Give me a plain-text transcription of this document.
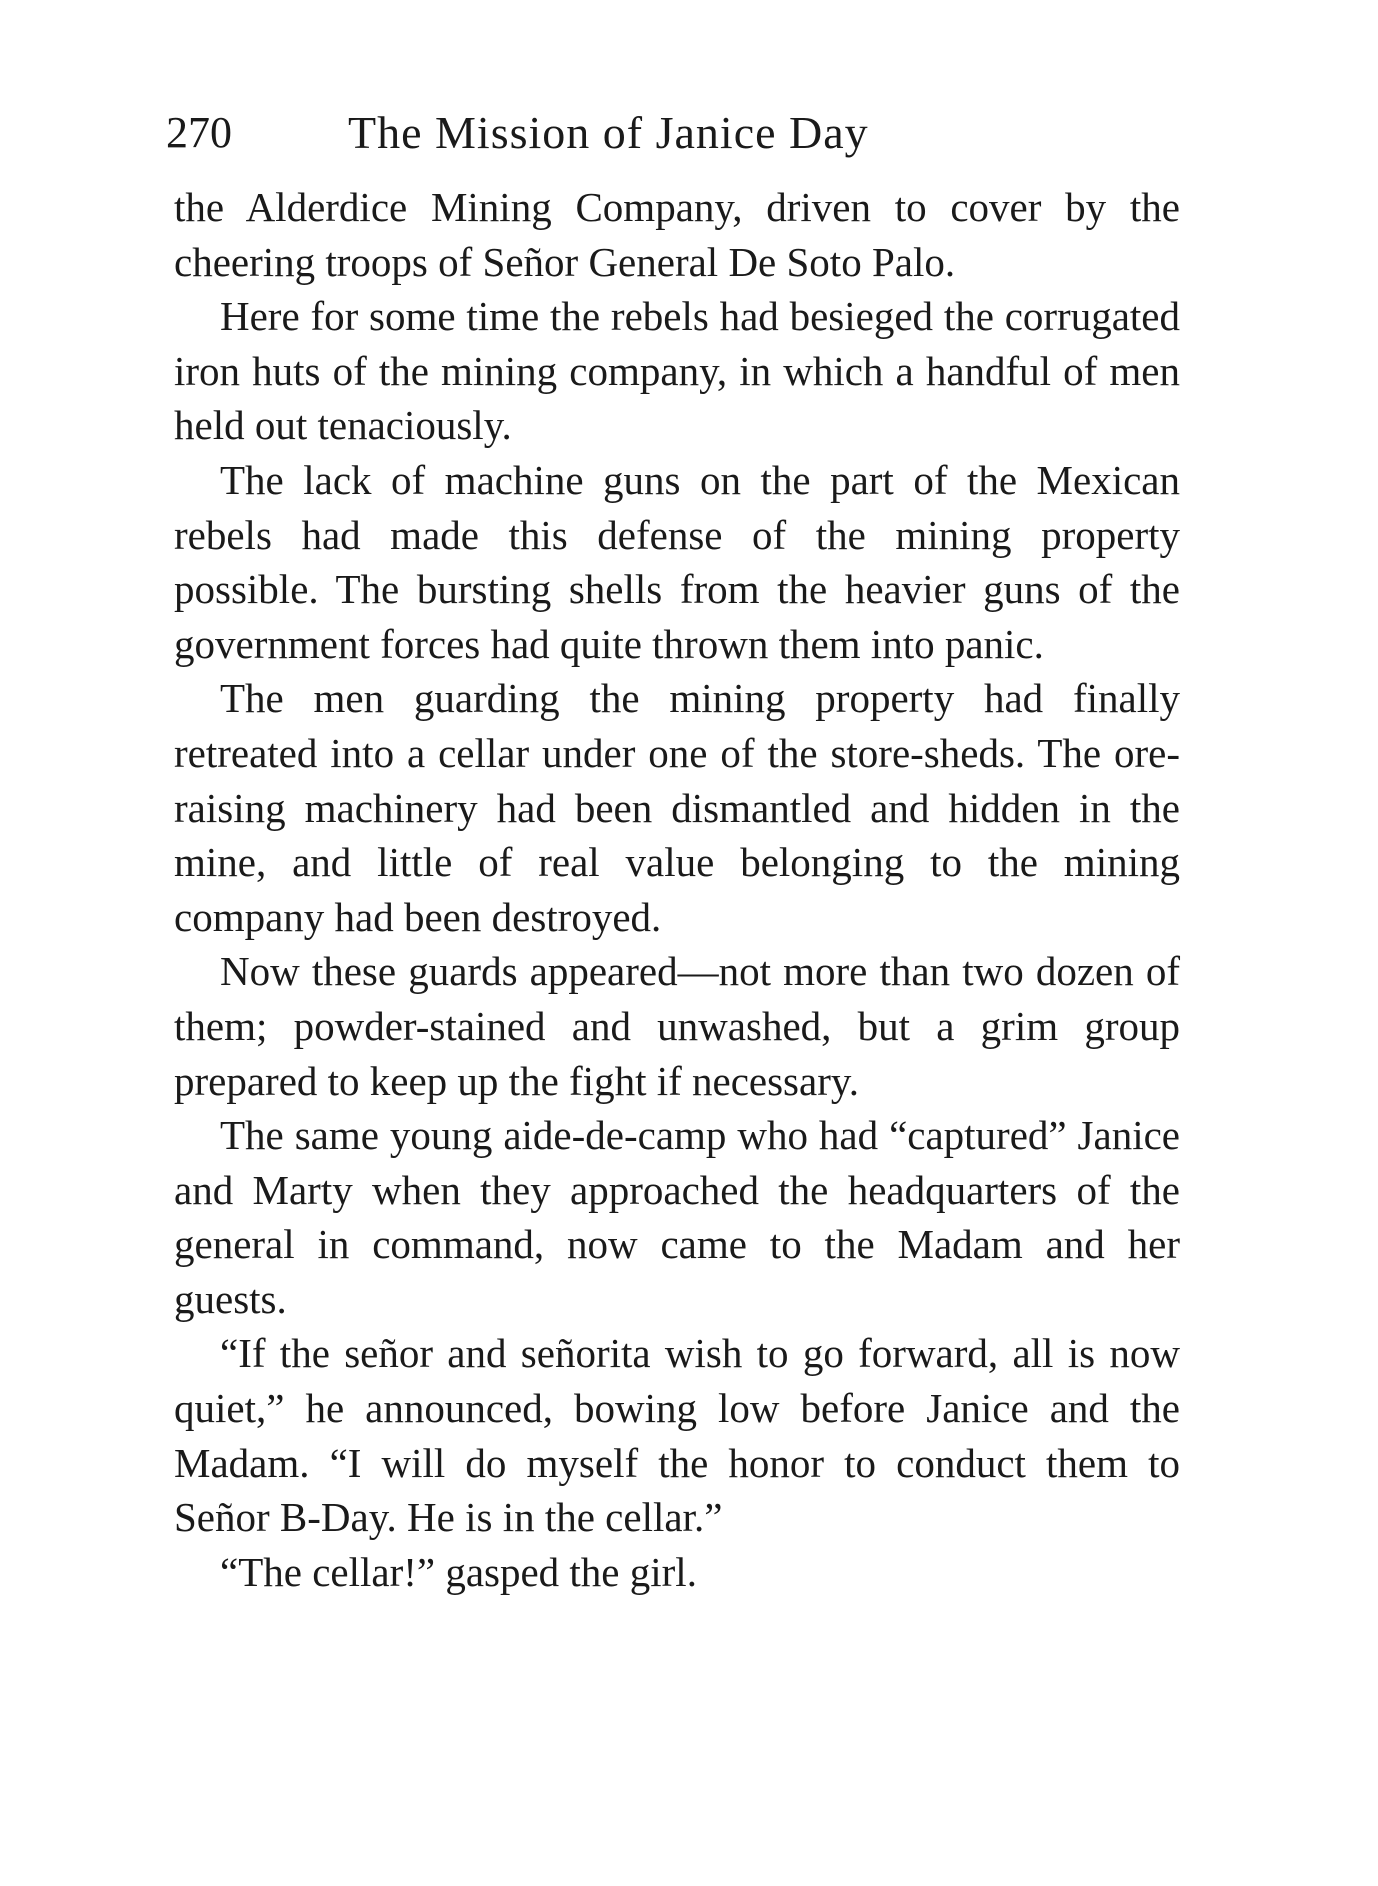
270	The Mission of Janice Day

the Alderdice Mining Company, driven to cover by the cheering troops of Señor General De Soto Palo.

Here for some time the rebels had besieged the corrugated iron huts of the mining company, in which a handful of men held out tenaciously.

The lack of machine guns on the part of the Mexican rebels had made this defense of the mining property possible. The bursting shells from the heavier guns of the government forces had quite thrown them into panic.

The men guarding the mining property had finally retreated into a cellar under one of the store-sheds. The ore-raising machinery had been dismantled and hidden in the mine, and little of real value belonging to the mining company had been destroyed.

Now these guards appeared—not more than two dozen of them; powder-stained and unwashed, but a grim group prepared to keep up the fight if necessary.

The same young aide-de-camp who had “captured” Janice and Marty when they approached the headquarters of the general in command, now came to the Madam and her guests.

“If the señor and señorita wish to go forward, all is now quiet,” he announced, bowing low before Janice and the Madam. “I will do myself the honor to conduct them to Señor B-Day. He is in the cellar.”

“The cellar!” gasped the girl.
